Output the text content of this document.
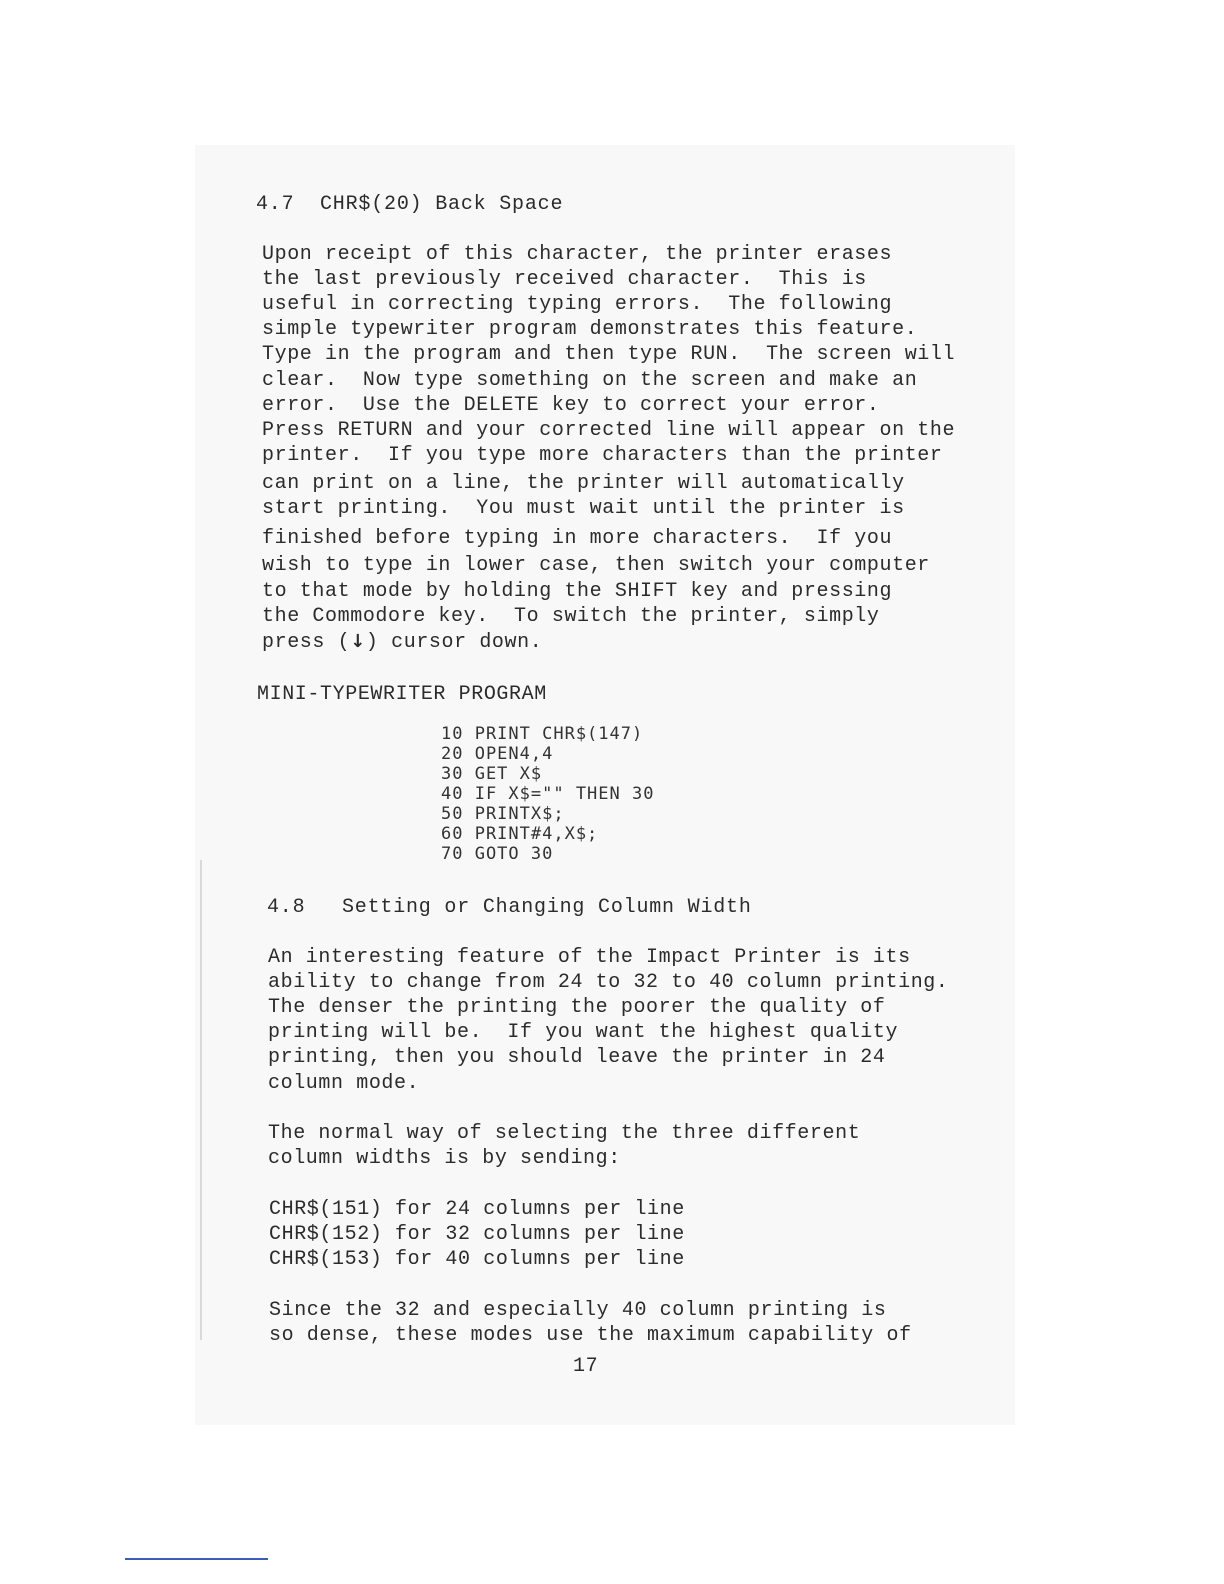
4.7  CHR$(20) Back Space
Upon receipt of this character, the printer erases
the last previously received character.  This is
useful in correcting typing errors.  The following
simple typewriter program demonstrates this feature.
Type in the program and then type RUN.  The screen will
clear.  Now type something on the screen and make an
error.  Use the DELETE key to correct your error.
Press RETURN and your corrected line will appear on the
printer.  If you type more characters than the printer
can print on a line, the printer will automatically
start printing.  You must wait until the printer is
finished before typing in more characters.  If you
wish to type in lower case, then switch your computer
to that mode by holding the SHIFT key and pressing
the Commodore key.  To switch the printer, simply
press (↓) cursor down.
MINI-TYPEWRITER PROGRAM
10 PRINT CHR$(147)
20 OPEN4,4
30 GET X$
40 IF X$="" THEN 30
50 PRINTX$;
60 PRINT#4,X$;
70 GOTO 30
4.8 Setting or Changing Column Width
An interesting feature of the Impact Printer is its
ability to change from 24 to 32 to 40 column printing.
The denser the printing the poorer the quality of
printing will be.  If you want the highest quality
printing, then you should leave the printer in 24
column mode.
The normal way of selecting the three different
column widths is by sending:
CHR$(151) for 24 columns per line
CHR$(152) for 32 columns per line
CHR$(153) for 40 columns per line
Since the 32 and especially 40 column printing is
so dense, these modes use the maximum capability of
17
